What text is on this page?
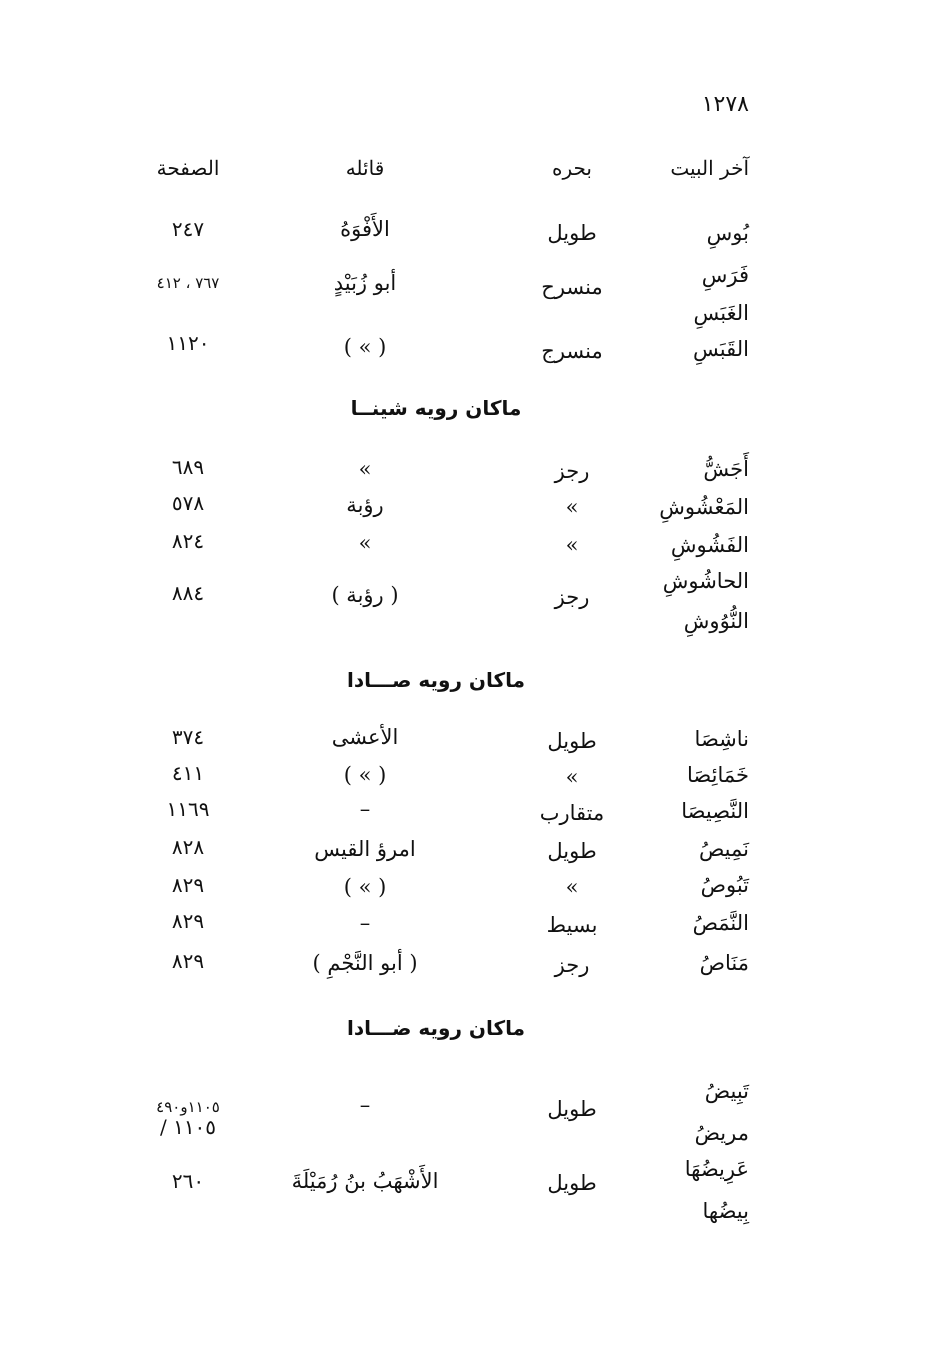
١٢٧٨
آخر البيت
بحره
قائله
الصفحة
بُوسِ
طويل
الأَفْوَهُ
٢٤٧
فَرَسِ
الغَبَسِ
منسرح
أبو زُبَيْدٍ
٧٦٧ ، ٤١٢
القَبَسِ
منسرج
( » )
١١٢٠
ماكان رويه شينــا
أَجَشُّ
رجز
»
٦٨٩
المَعْشُوشِ
»
رؤبة
٥٧٨
الفَشُوشِ
»
»
٨٢٤
الحاشُوشِ
النُّوُوشِ
رجز
( رؤبة )
٨٨٤
ماكان رويه صـــادا
ناشِصَا
طويل
الأعشى
٣٧٤
خَمَائِصَا
»
( » )
٤١١
النَّصِيصَا
متقارب
–
١١٦٩
نَمِيصُ
طويل
امرؤ القيس
٨٢٨
تَبُوصُ
»
( » )
٨٢٩
النَّمَصُ
بسيط
–
٨٢٩
مَنَاصُ
رجز
( أبو النَّجْمِ )
٨٢٩
ماكان رويه ضـــادا
تَبِيضُ
مريضُ
طويل
–
١١٠٥و٤٩٠
١١٠٥ /
عَرِيضُهَا
بِيضُها
طويل
الأَشْهَبُ بنُ رُمَيْلَةَ
٢٦٠
